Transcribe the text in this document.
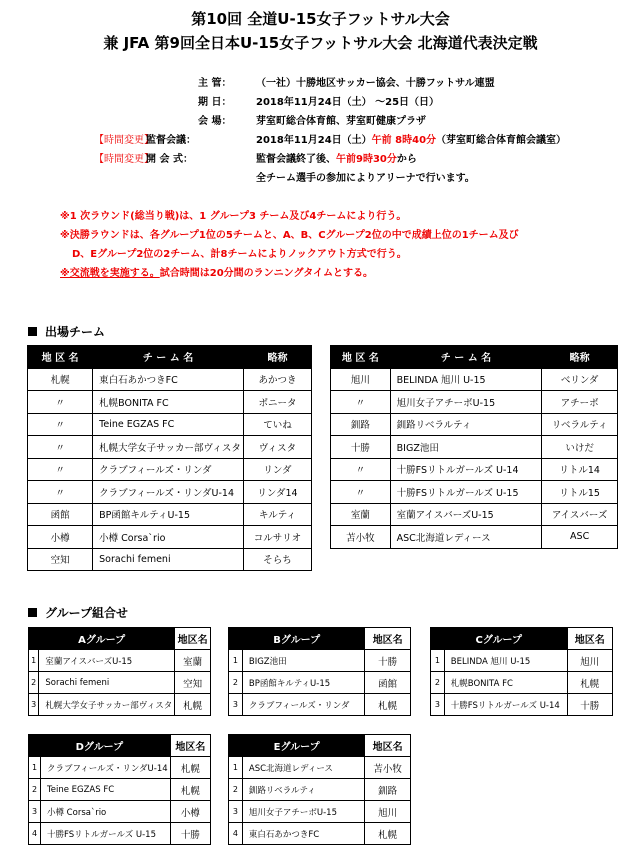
第10回 全道U-15女子フットサル大会
兼 JFA 第9回全日本U-15女子フットサル大会 北海道代表決定戦
主 管：	（一社）十勝地区サッカー協会、十勝フットサル連盟
期 日：	2018年11月24日（土） ～25日（日）
会 場：	芽室町総合体育館、芽室町健康プラザ
【時間変更】
監督会議：	2018年11月24日（土） 午前 8時40分 （芽室町総合体育館会議室）
【時間変更】
開 会 式：	監督会議終了後、 午前9時30分 から
全チーム選手の参加によりアリーナで行います。
※1 次ラウンド(総当り戦)は、1 グループ3 チーム及び4チームにより行う。
※決勝ラウンドは、各グループ1位の5チームと、A、B、Cグループ2位の中で成績上位の1チーム及び
D、Eグループ2位の2チーム、計8チームによりノックアウト方式で行う。
※交流戦を実施する。試合時間は20分間のランニングタイムとする。
出場チーム
地 区 名	チ ー ム 名	略称
札幌	東白石あかつきFC	あかつき
〃	札幌BONITA FC	ボニータ
〃	Teine EGZAS FC	ていね
〃	札幌大学女子サッカー部ヴィスタ	ヴィスタ
〃	クラブフィールズ・リンダ	リンダ
〃	クラブフィールズ・リンダU-14	リンダ14
函館	BP函館キルティU-15	キルティ
小樽	小樽 Corsa`rio	コルサリオ
空知	Sorachi femeni	そらち
地 区 名	チ ー ム 名	略称
旭川	BELINDA 旭川 U-15	べリンダ
〃	旭川女子アチーボU-15	アチーボ
釧路	釧路リベラルティ	リベラルティ
十勝	BIGZ池田	いけだ
〃	十勝FSリトルガールズ U-14	リトル14
〃	十勝FSリトルガールズ U-15	リトル15
室蘭	室蘭アイスバーズU-15	アイスバーズ
苫小牧	ASC北海道レディース	ASC
グループ組合せ
Aグループ		地区名
1	室蘭アイスバーズU-15	室蘭
2	Sorachi femeni	空知
3	札幌大学女子サッカー部ヴィスタ	札幌
Bグループ		地区名
1	BIGZ池田	十勝
2	BP函館キルティU-15	函館
3	クラブフィールズ・リンダ	札幌
Cグループ		地区名
1	BELINDA 旭川 U-15	旭川
2	札幌BONITA FC	札幌
3	十勝FSリトルガールズ U-14	十勝
Dグループ		地区名
1	クラブフィールズ・リンダU-14	札幌
2	Teine EGZAS FC	札幌
3	小樽 Corsa`rio	小樽
4	十勝FSリトルガールズ U-15	十勝
Eグループ		地区名
1	ASC北海道レディース	苫小牧
2	釧路リベラルティ	釧路
3	旭川女子アチーボU-15	旭川
4	東白石あかつきFC	札幌
